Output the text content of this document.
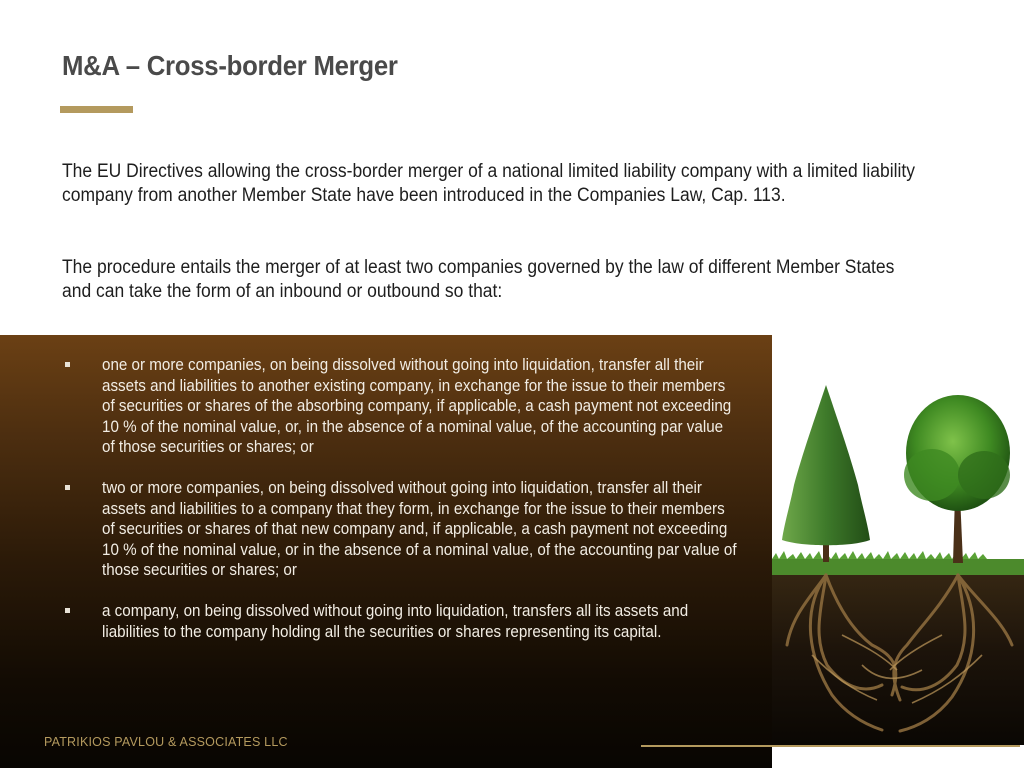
M&A – Cross-border Merger

The EU Directives allowing the cross-border merger of a national limited liability company with a limited liability company from another Member State have been introduced in the Companies Law, Cap. 113.

The procedure entails the merger of at least two companies governed by the law of different Member States and can take the form of an inbound or outbound so that:

one or more companies, on being dissolved without going into liquidation, transfer all their assets and liabilities to another existing company, in exchange for the issue to their members of securities or shares of the absorbing company, if applicable, a cash payment not exceeding 10 % of the nominal value, or, in the absence of a nominal value, of the accounting par value of those securities or shares; or

two or more companies, on being dissolved without going into liquidation, transfer all their assets and liabilities to a company that they form, in exchange for the issue to their members of securities or shares of that new company and, if applicable, a cash payment not exceeding 10 % of the nominal value, or in the absence of a nominal value, of the accounting par value of those securities or shares; or

a company, on being dissolved without going into liquidation, transfers all its assets and liabilities to the company holding all the securities or shares representing its capital.

PATRIKIOS PAVLOU & ASSOCIATES LLC
